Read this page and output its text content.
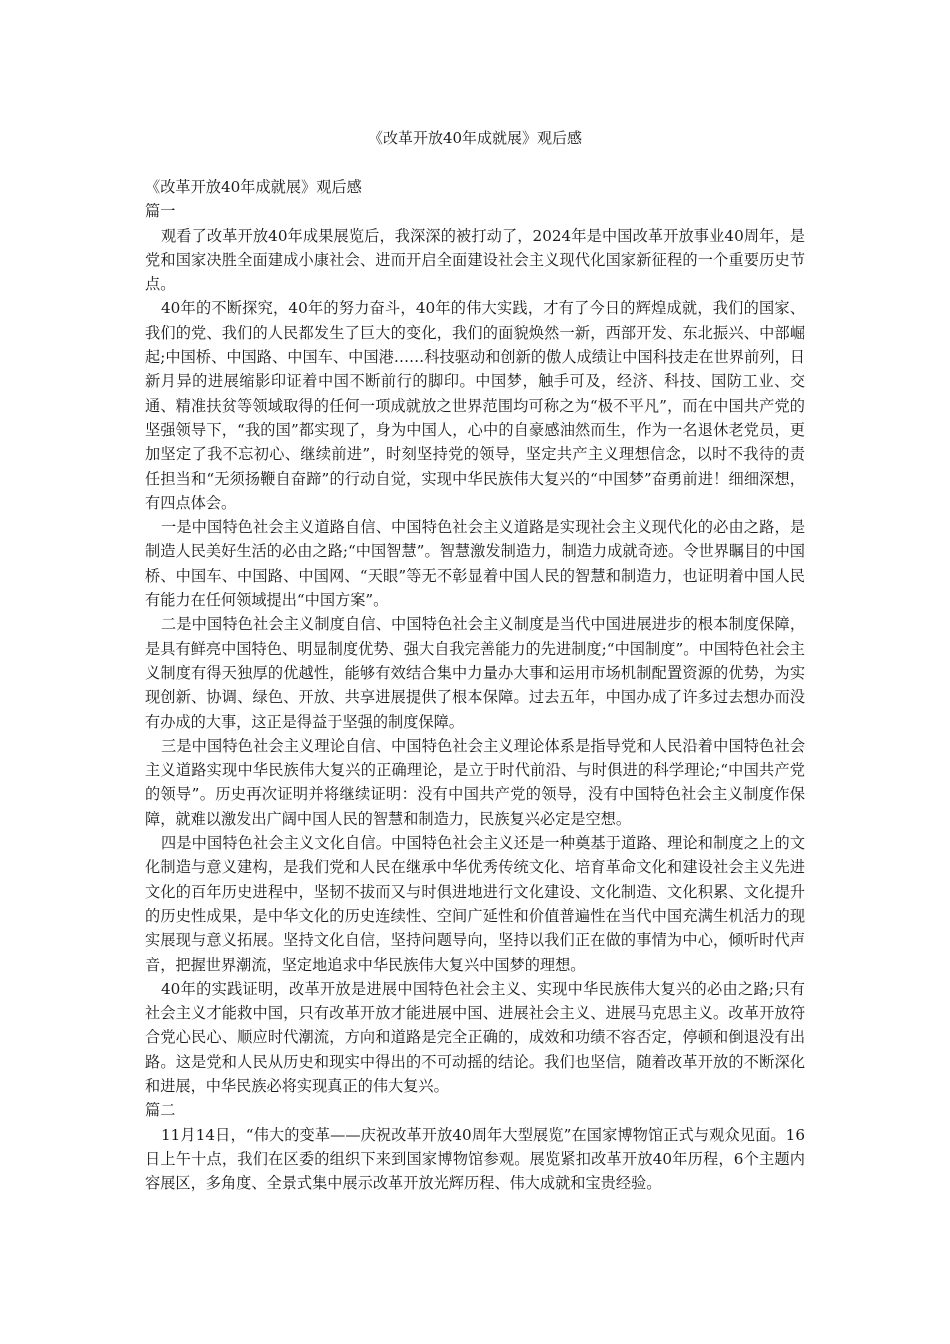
《改革开放40年成就展》观后感

《改革开放40年成就展》观后感

篇一

观看了改革开放40年成果展览后，我深深的被打动了，2024年是中国改革开放事业40周年，是党和国家决胜全面建成小康社会、进而开启全面建设社会主义现代化国家新征程的一个重要历史节点。

40年的不断探究，40年的努力奋斗，40年的伟大实践，才有了今日的辉煌成就，我们的国家、我们的党、我们的人民都发生了巨大的变化，我们的面貌焕然一新，西部开发、东北振兴、中部崛起;中国桥、中国路、中国车、中国港……科技驱动和创新的傲人成绩让中国科技走在世界前列，日新月异的进展缩影印证着中国不断前行的脚印。中国梦，触手可及，经济、科技、国防工业、交通、精准扶贫等领域取得的任何一项成就放之世界范围均可称之为“极不平凡”，而在中国共产党的坚强领导下，“我的国”都实现了，身为中国人，心中的自豪感油然而生，作为一名退休老党员，更加坚定了我不忘初心、继续前进”，时刻坚持党的领导，坚定共产主义理想信念，以时不我待的责任担当和“无须扬鞭自奋蹄”的行动自觉，实现中华民族伟大复兴的“中国梦”奋勇前进！细细深想，有四点体会。

一是中国特色社会主义道路自信、中国特色社会主义道路是实现社会主义现代化的必由之路，是制造人民美好生活的必由之路;“中国智慧”。智慧激发制造力，制造力成就奇迹。令世界瞩目的中国桥、中国车、中国路、中国网、“天眼”等无不彰显着中国人民的智慧和制造力，也证明着中国人民有能力在任何领域提出“中国方案”。

二是中国特色社会主义制度自信、中国特色社会主义制度是当代中国进展进步的根本制度保障，是具有鲜亮中国特色、明显制度优势、强大自我完善能力的先进制度;“中国制度”。中国特色社会主义制度有得天独厚的优越性，能够有效结合集中力量办大事和运用市场机制配置资源的优势，为实现创新、协调、绿色、开放、共享进展提供了根本保障。过去五年，中国办成了许多过去想办而没有办成的大事，这正是得益于坚强的制度保障。

三是中国特色社会主义理论自信、中国特色社会主义理论体系是指导党和人民沿着中国特色社会主义道路实现中华民族伟大复兴的正确理论，是立于时代前沿、与时俱进的科学理论;“中国共产党的领导”。历史再次证明并将继续证明：没有中国共产党的领导，没有中国特色社会主义制度作保障，就难以激发出广阔中国人民的智慧和制造力，民族复兴必定是空想。

四是中国特色社会主义文化自信。中国特色社会主义还是一种奠基于道路、理论和制度之上的文化制造与意义建构，是我们党和人民在继承中华优秀传统文化、培育革命文化和建设社会主义先进文化的百年历史进程中，坚韧不拔而又与时俱进地进行文化建设、文化制造、文化积累、文化提升的历史性成果，是中华文化的历史连续性、空间广延性和价值普遍性在当代中国充满生机活力的现实展现与意义拓展。坚持文化自信，坚持问题导向，坚持以我们正在做的事情为中心，倾听时代声音，把握世界潮流，坚定地追求中华民族伟大复兴中国梦的理想。

40年的实践证明，改革开放是进展中国特色社会主义、实现中华民族伟大复兴的必由之路;只有社会主义才能救中国，只有改革开放才能进展中国、进展社会主义、进展马克思主义。改革开放符合党心民心、顺应时代潮流，方向和道路是完全正确的，成效和功绩不容否定，停顿和倒退没有出路。这是党和人民从历史和现实中得出的不可动摇的结论。我们也坚信，随着改革开放的不断深化和进展，中华民族必将实现真正的伟大复兴。

篇二

11月14日，“伟大的变革——庆祝改革开放40周年大型展览”在国家博物馆正式与观众见面。16日上午十点，我们在区委的组织下来到国家博物馆参观。展览紧扣改革开放40年历程，6个主题内容展区，多角度、全景式集中展示改革开放光辉历程、伟大成就和宝贵经验。
